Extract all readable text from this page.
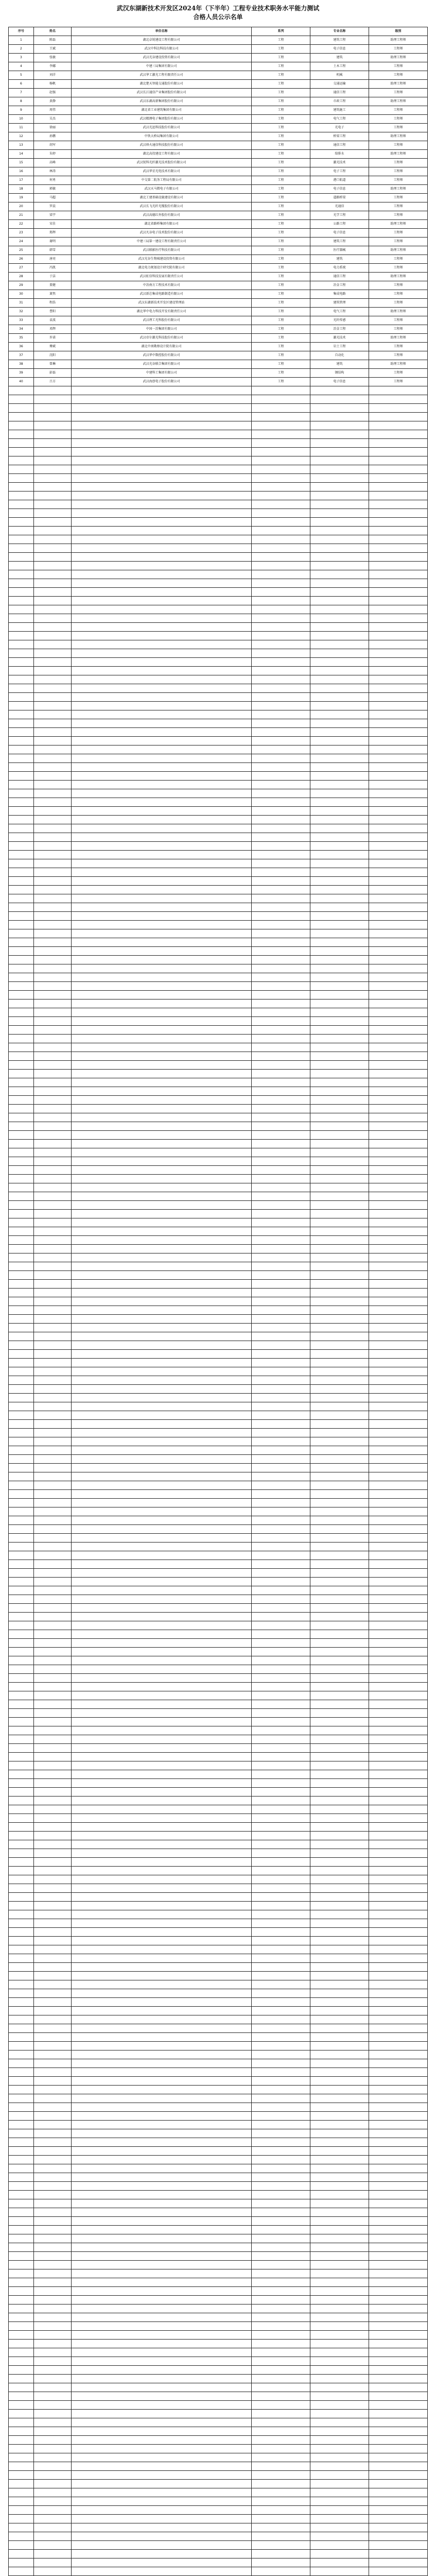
武汉东湖新技术开发区2024年（下半年）工程专业技术职务水平能力测试
合格人员公示名单
序号	姓名	单位名称	系列	专业名称	级别
1	陈磊	湖北卓锐建设工程有限公司	工程	建筑工程	助理工程师
2	王斌	武汉中科达科技有限公司	工程	电子信息	工程师
3	张敏	武汉光谷建设投资有限公司	工程	建筑	助理工程师
4	李娜	中建三局集团有限公司	工程	土木工程	工程师
5	刘洋	武汉华工激光工程有限责任公司	工程	机械	工程师
6	杨帆	湖北楚天智能交通股份有限公司	工程	交通运输	助理工程师
7	赵强	武汉长江通信产业集团股份有限公司	工程	通信工程	工程师
8	黄静	武汉东湖高新集团股份有限公司	工程	市政工程	助理工程师
9	周伟	湖北省工业建筑集团有限公司	工程	建筑施工	工程师
10	吴杰	武汉精测电子集团股份有限公司	工程	电气工程	工程师
11	徐丽	武汉光迅科技股份有限公司	工程	光电子	工程师
12	孙鹏	中铁大桥局集团有限公司	工程	桥梁工程	助理工程师
13	胡军	武汉烽火通信科技股份有限公司	工程	通信工程	工程师
14	朱婷	湖北高投建设工程有限公司	工程	给排水	助理工程师
15	高峰	武汉锐科光纤激光技术股份有限公司	工程	激光技术	工程师
16	林涛	武汉华星光电技术有限公司	工程	电子工程	工程师
17	何勇	中交第二航务工程局有限公司	工程	港口航道	工程师
18	郭敏	武汉天马微电子有限公司	工程	电子信息	助理工程师
19	马超	湖北工建基础设施建设有限公司	工程	道路桥梁	工程师
20	罗晨	武汉长飞光纤光缆股份有限公司	工程	光通信	工程师
21	梁宇	武汉高德红外股份有限公司	工程	光学工程	工程师
22	宋佳	湖北省路桥集团有限公司	工程	公路工程	助理工程师
23	郑辉	武汉凡谷电子技术股份有限公司	工程	电子信息	工程师
24	谢明	中建三局第一建设工程有限责任公司	工程	建筑工程	工程师
25	韩雪	武汉联影医疗科技有限公司	工程	医疗器械	助理工程师
26	唐亮	武汉光谷生物城建设投资有限公司	工程	建筑	工程师
27	冯凯	湖北电力规划设计研究院有限公司	工程	电力系统	工程师
28	于洁	武汉虹信科技发展有限责任公司	工程	通信工程	助理工程师
29	董健	中冶南方工程技术有限公司	工程	冶金工程	工程师
30	萧然	武汉新芯集成电路制造有限公司	工程	集成电路	工程师
31	程浩	武汉东湖新技术开发区建设管理站	工程	建筑管理	工程师
32	曹阳	湖北华中电力科技开发有限责任公司	工程	电气工程	助理工程师
33	袁波	武汉理工光科股份有限公司	工程	光纤传感	工程师
34	邓辉	中国一冶集团有限公司	工程	冶金工程	工程师
35	许诺	武汉帝尔激光科技股份有限公司	工程	激光技术	助理工程师
36	傅斌	湖北中南勘察设计院有限公司	工程	岩土工程	工程师
37	沈阳	武汉华中数控股份有限公司	工程	自动化	工程师
38	曾琳	武汉光谷联合集团有限公司	工程	建筑	助理工程师
39	彭磊	中建科工集团有限公司	工程	钢结构	工程师
40	吕方	武汉海创电子股份有限公司	工程	电子信息	工程师
